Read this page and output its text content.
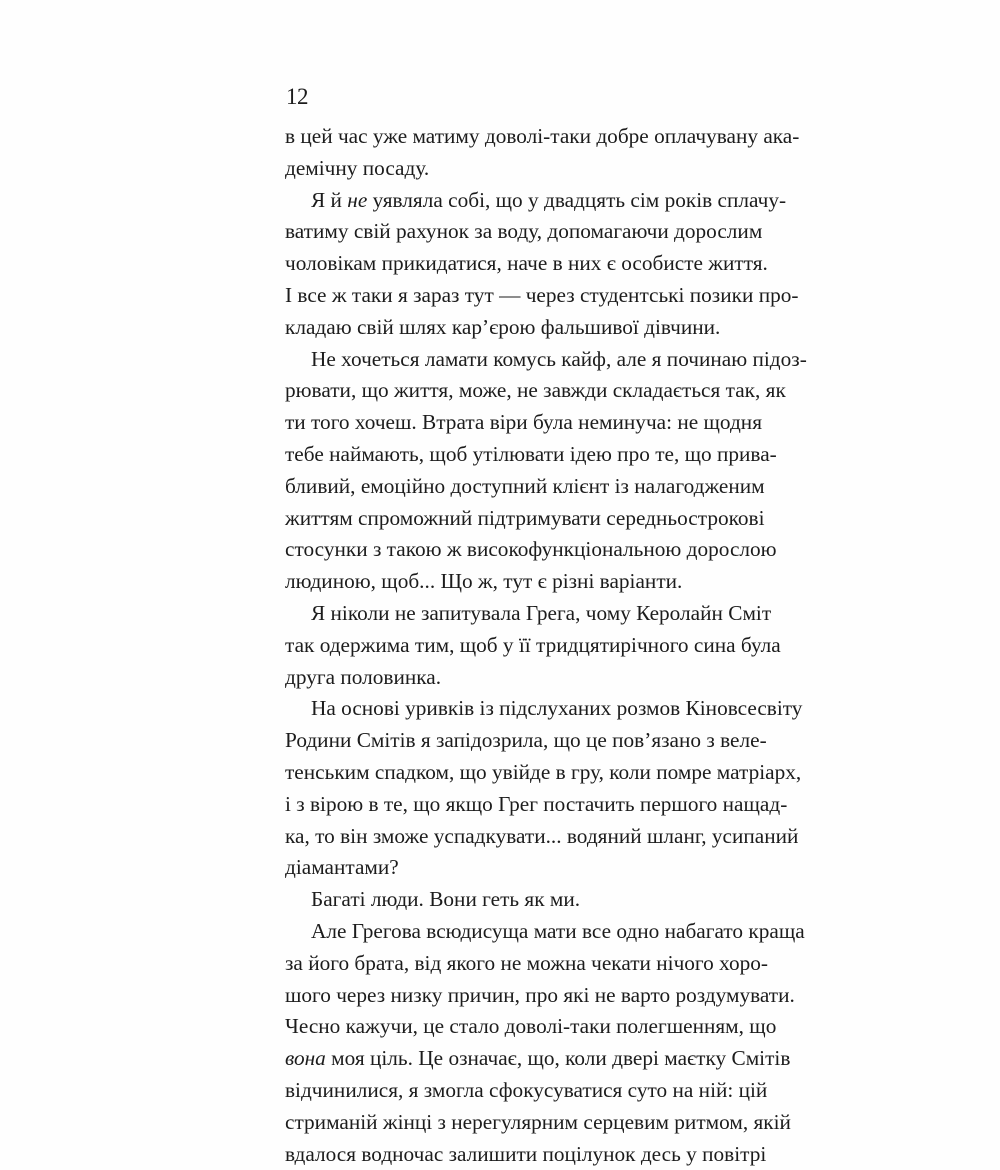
12
в цей час уже матиму доволі-таки добре оплачувану ака-
демічну посаду.
Я й не уявляла собі, що у двадцять сім років сплачу-
ватиму свій рахунок за воду, допомагаючи дорослим
чоловікам прикидатися, наче в них є особисте життя.
І все ж таки я зараз тут — через студентські позики про-
кладаю свій шлях кар’єрою фальшивої дівчини.
Не хочеться ламати комусь кайф, але я починаю підоз-
рювати, що життя, може, не завжди складається так, як
ти того хочеш. Втрата віри була неминуча: не щодня
тебе наймають, щоб утілювати ідею про те, що прива-
бливий, емоційно доступний клієнт із налагодженим
життям спроможний підтримувати середньострокові
стосунки з такою ж високофункціональною дорослою
людиною, щоб... Що ж, тут є різні варіанти.
Я ніколи не запитувала Грега, чому Керолайн Сміт
так одержима тим, щоб у її тридцятирічного сина була
друга половинка.
На основі уривків із підслуханих розмов Кіновсесвіту
Родини Смітів я запідозрила, що це пов’язано з веле-
тенським спадком, що увійде в гру, коли помре матріарх,
і з вірою в те, що якщо Грег постачить першого нащад-
ка, то він зможе успадкувати... водяний шланг, усипаний
діамантами?
Багаті люди. Вони геть як ми.
Але Грегова всюдисуща мати все одно набагато краща
за його брата, від якого не можна чекати нічого хоро-
шого через низку причин, про які не варто роздумувати.
Чесно кажучи, це стало доволі-таки полегшенням, що
вона моя ціль. Це означає, що, коли двері маєтку Смітів
відчинилися, я змогла сфокусуватися суто на ній: цій
стриманій жінці з нерегулярним серцевим ритмом, якій
вдалося водночас залишити поцілунок десь у повітрі
